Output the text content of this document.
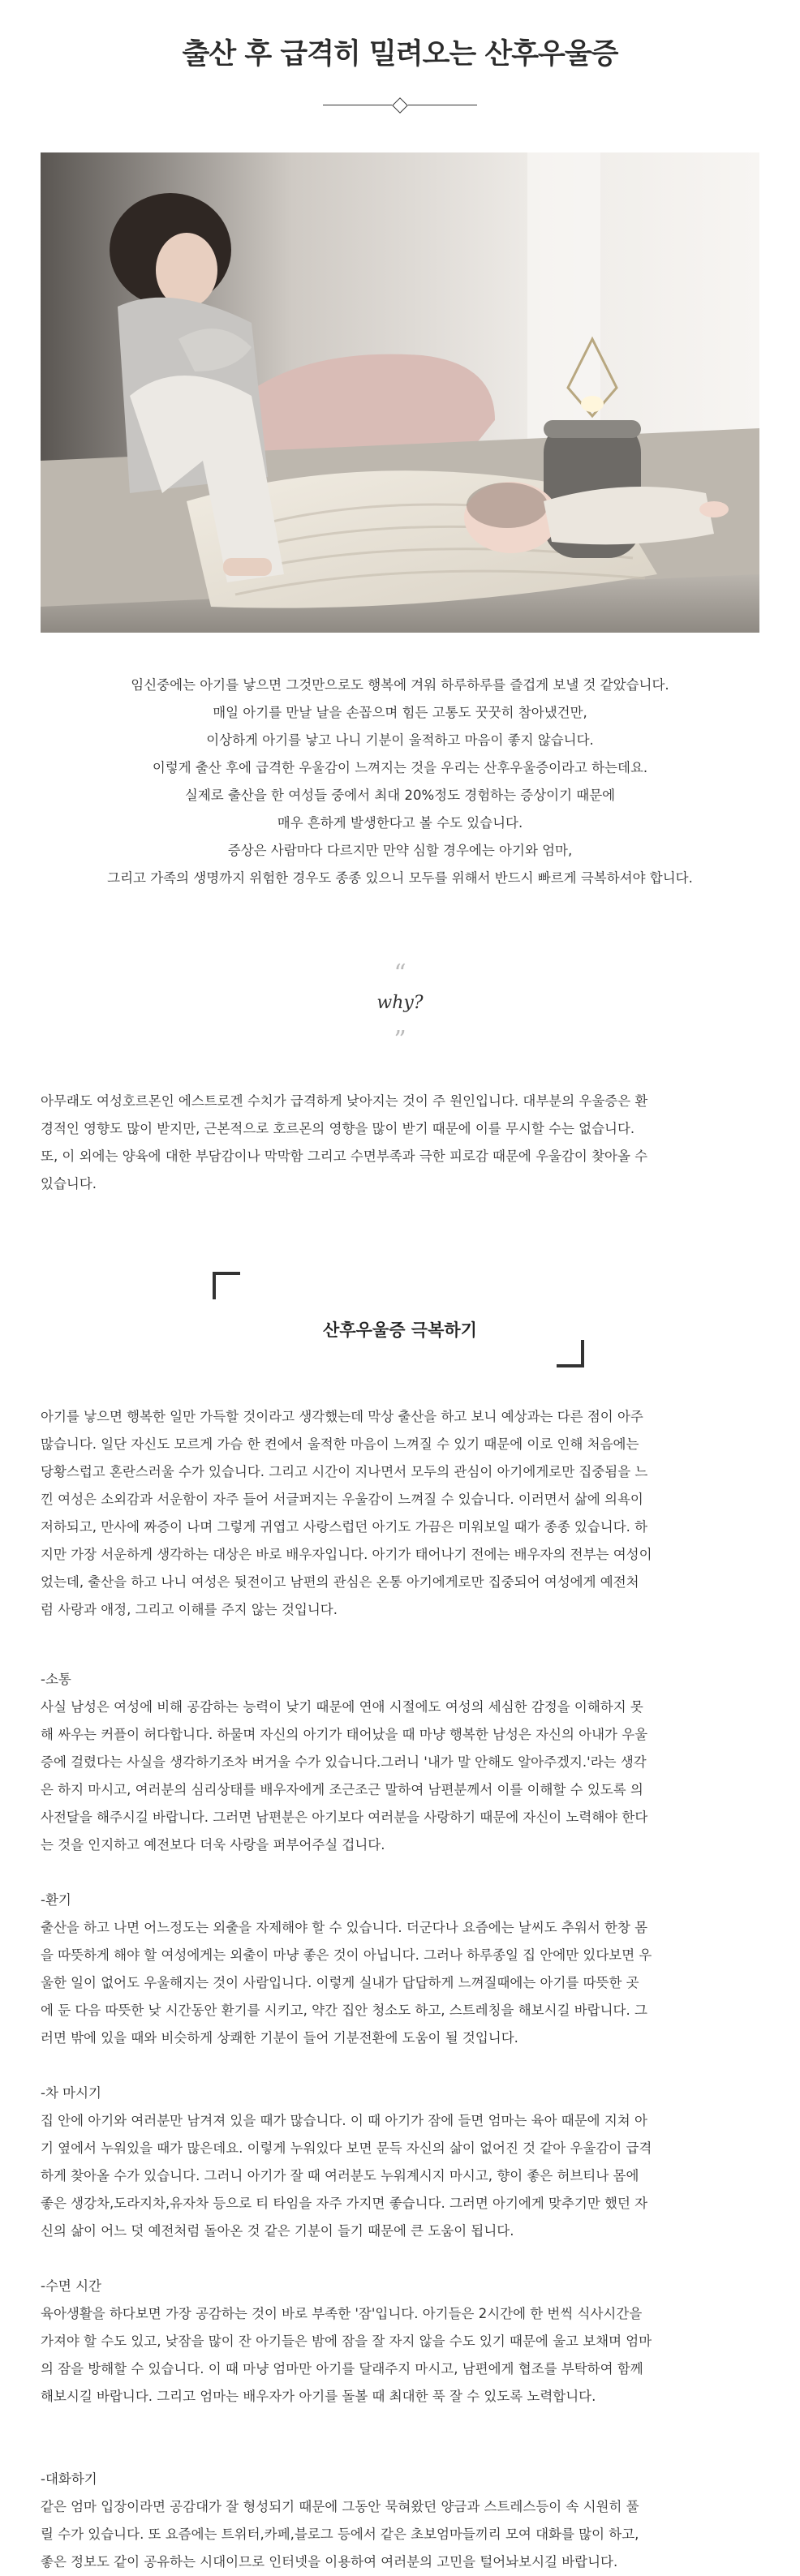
출산 후 급격히 밀려오는 산후우울증

임신중에는 아기를 낳으면 그것만으로도 행복에 겨워 하루하루를 즐겁게 보낼 것 같았습니다.

매일 아기를 만날 날을 손꼽으며 힘든 고통도 꿋꿋히 참아냈건만,

이상하게 아기를 낳고 나니 기분이 울적하고 마음이 좋지 않습니다.

이렇게 출산 후에 급격한 우울감이 느껴지는 것을 우리는 산후우울증이라고 하는데요.

실제로 출산을 한 여성들 중에서 최대 20%정도 경험하는 증상이기 때문에

매우 흔하게 발생한다고 볼 수도 있습니다.

증상은 사람마다 다르지만 만약 심할 경우에는 아기와 엄마,

그리고 가족의 생명까지 위험한 경우도 종종 있으니 모두를 위해서 반드시 빠르게 극복하셔야 합니다.

“
why?
”

아무래도 여성호르몬인 에스트로겐 수치가 급격하게 낮아지는 것이 주 원인입니다. 대부분의 우울증은 환

경적인 영향도 많이 받지만, 근본적으로 호르몬의 영향을 많이 받기 때문에 이를 무시할 수는 없습니다.

또, 이 외에는 양육에 대한 부담감이나 막막함 그리고 수면부족과 극한 피로감 때문에 우울감이 찾아올 수

있습니다.

산후우울증 극복하기

아기를 낳으면 행복한 일만 가득할 것이라고 생각했는데 막상 출산을 하고 보니 예상과는 다른 점이 아주

많습니다. 일단 자신도 모르게 가슴 한 켠에서 울적한 마음이 느껴질 수 있기 때문에 이로 인해 처음에는

당황스럽고 혼란스러울 수가 있습니다. 그리고 시간이 지나면서 모두의 관심이 아기에게로만 집중됨을 느

낀 여성은 소외감과 서운함이 자주 들어 서글퍼지는 우울감이 느껴질 수 있습니다. 이러면서 삶에 의욕이

저하되고, 만사에 짜증이 나며 그렇게 귀엽고 사랑스럽던 아기도 가끔은 미워보일 때가 종종 있습니다. 하

지만 가장 서운하게 생각하는 대상은 바로 배우자입니다. 아기가 태어나기 전에는 배우자의 전부는 여성이

었는데, 출산을 하고 나니 여성은 뒷전이고 남편의 관심은 온통 아기에게로만 집중되어 여성에게 예전처

럼 사랑과 애정, 그리고 이해를 주지 않는 것입니다.

-소통

사실 남성은 여성에 비해 공감하는 능력이 낮기 때문에 연애 시절에도 여성의 세심한 감정을 이해하지 못

해 싸우는 커플이 허다합니다. 하물며 자신의 아기가 태어났을 때 마냥 행복한 남성은 자신의 아내가 우울

증에 걸렸다는 사실을 생각하기조차 버거울 수가 있습니다.그러니 '내가 말 안해도 알아주겠지.'라는 생각

은 하지 마시고, 여러분의 심리상태를 배우자에게 조근조근 말하여 남편분께서 이를 이해할 수 있도록 의

사전달을 해주시길 바랍니다. 그러면 남편분은 아기보다 여러분을 사랑하기 때문에 자신이 노력해야 한다

는 것을 인지하고 예전보다 더욱 사랑을 퍼부어주실 겁니다.

-환기

출산을 하고 나면 어느정도는 외출을 자제해야 할 수 있습니다. 더군다나 요즘에는 날씨도 추워서 한창 몸

을 따뜻하게 해야 할 여성에게는 외출이 마냥 좋은 것이 아닙니다. 그러나 하루종일 집 안에만 있다보면 우

울한 일이 없어도 우울해지는 것이 사람입니다. 이렇게 실내가 답답하게 느껴질때에는 아기를 따뜻한 곳

에 둔 다음 따뜻한 낮 시간동안 환기를 시키고, 약간 집안 청소도 하고, 스트레칭을 해보시길 바랍니다. 그

러면 밖에 있을 때와 비슷하게 상쾌한 기분이 들어 기분전환에 도움이 될 것입니다.

-차 마시기

집 안에 아기와 여러분만 남겨져 있을 때가 많습니다. 이 때 아기가 잠에 들면 엄마는 육아 때문에 지쳐 아

기 옆에서 누워있을 때가 많은데요. 이렇게 누워있다 보면 문득 자신의 삶이 없어진 것 같아 우울감이 급격

하게 찾아올 수가 있습니다. 그러니 아기가 잘 때 여러분도 누워계시지 마시고, 향이 좋은 허브티나 몸에

좋은 생강차,도라지차,유자차 등으로 티 타임을 자주 가지면 좋습니다. 그러면 아기에게 맞추기만 했던 자

신의 삶이 어느 덧 예전처럼 돌아온 것 같은 기분이 들기 때문에 큰 도움이 됩니다.

-수면 시간

육아생활을 하다보면 가장 공감하는 것이 바로 부족한 '잠'입니다. 아기들은 2시간에 한 번씩 식사시간을

가져야 할 수도 있고, 낮잠을 많이 잔 아기들은 밤에 잠을 잘 자지 않을 수도 있기 때문에 울고 보채며 엄마

의 잠을 방해할 수 있습니다. 이 때 마냥 엄마만 아기를 달래주지 마시고, 남편에게 협조를 부탁하여 함께

해보시길 바랍니다. 그리고 엄마는 배우자가 아기를 돌볼 때 최대한 푹 잘 수 있도록 노력합니다.

-대화하기

같은 엄마 입장이라면 공감대가 잘 형성되기 때문에 그동안 묵혀왔던 양금과 스트레스등이 속 시원히 풀

릴 수가 있습니다. 또 요즘에는 트위터,카페,블로그 등에서 같은 초보엄마들끼리 모여 대화를 많이 하고,

좋은 정보도 같이 공유하는 시대이므로 인터넷을 이용하여 여러분의 고민을 털어놔보시길 바랍니다.
